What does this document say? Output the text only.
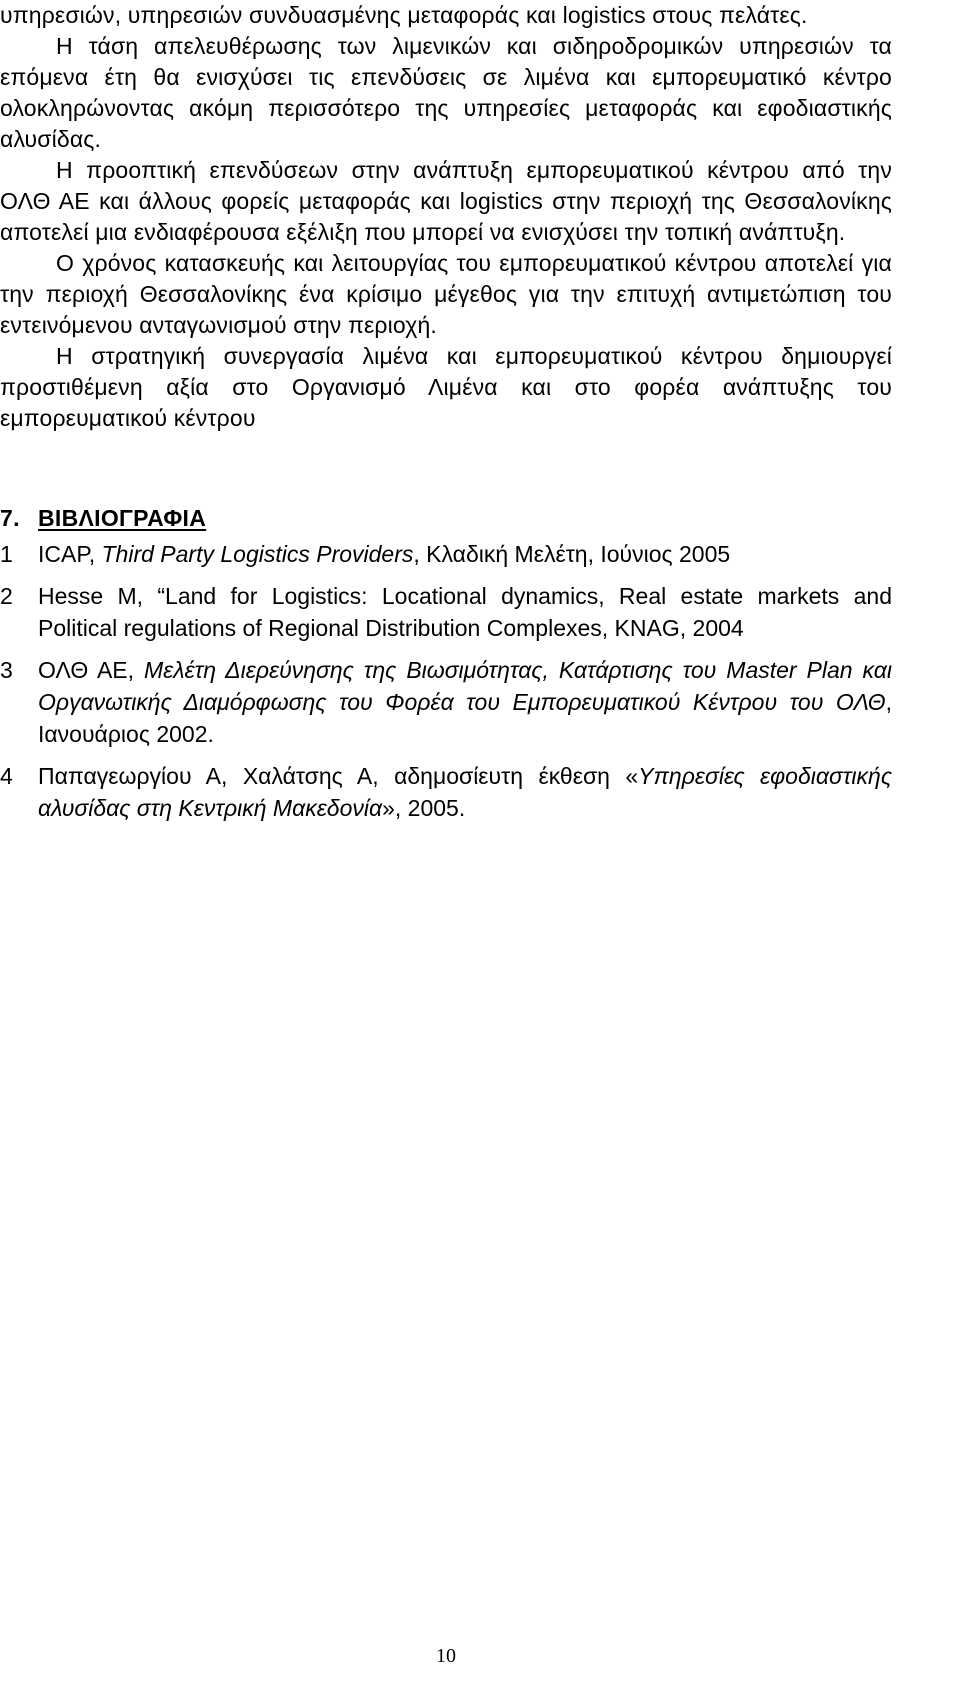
υπηρεσιών, υπηρεσιών συνδυασμένης μεταφοράς και logistics στους πελάτες.

Η τάση απελευθέρωσης των λιμενικών και σιδηροδρομικών υπηρεσιών τα επόμενα έτη θα ενισχύσει τις επενδύσεις σε λιμένα και εμπορευματικό κέντρο ολοκληρώνοντας ακόμη περισσότερο της υπηρεσίες μεταφοράς και εφοδιαστικής αλυσίδας.

Η προοπτική επενδύσεων στην ανάπτυξη εμπορευματικού κέντρου από την ΟΛΘ ΑΕ και άλλους φορείς μεταφοράς και logistics στην περιοχή της Θεσσαλονίκης αποτελεί μια ενδιαφέρουσα εξέλιξη που μπορεί να ενισχύσει την τοπική ανάπτυξη.

Ο χρόνος κατασκευής και λειτουργίας του εμπορευματικού κέντρου αποτελεί για την περιοχή Θεσσαλονίκης ένα κρίσιμο μέγεθος για την επιτυχή αντιμετώπιση του εντεινόμενου ανταγωνισμού στην περιοχή.

Η στρατηγική συνεργασία λιμένα και εμπορευματικού κέντρου δημιουργεί προστιθέμενη αξία στο Οργανισμό Λιμένα και στο φορέα ανάπτυξης του εμπορευματικού κέντρου

7. ΒΙΒΛΙΟΓΡΑΦΙΑ
1 ICAP, Third Party Logistics Providers, Κλαδική Μελέτη, Ιούνιος 2005
2 Hesse M, “Land for Logistics: Locational dynamics, Real estate markets and Political regulations of Regional Distribution Complexes, KNAG, 2004
3 ΟΛΘ ΑΕ, Μελέτη Διερεύνησης της Βιωσιμότητας, Κατάρτισης του Master Plan και Οργανωτικής Διαμόρφωσης του Φορέα του Εμπορευματικού Κέντρου του ΟΛΘ, Ιανουάριος 2002.
4 Παπαγεωργίου Α, Χαλάτσης Α, αδημοσίευτη έκθεση «Υπηρεσίες εφοδιαστικής αλυσίδας στη Κεντρική Μακεδονία», 2005.
10
